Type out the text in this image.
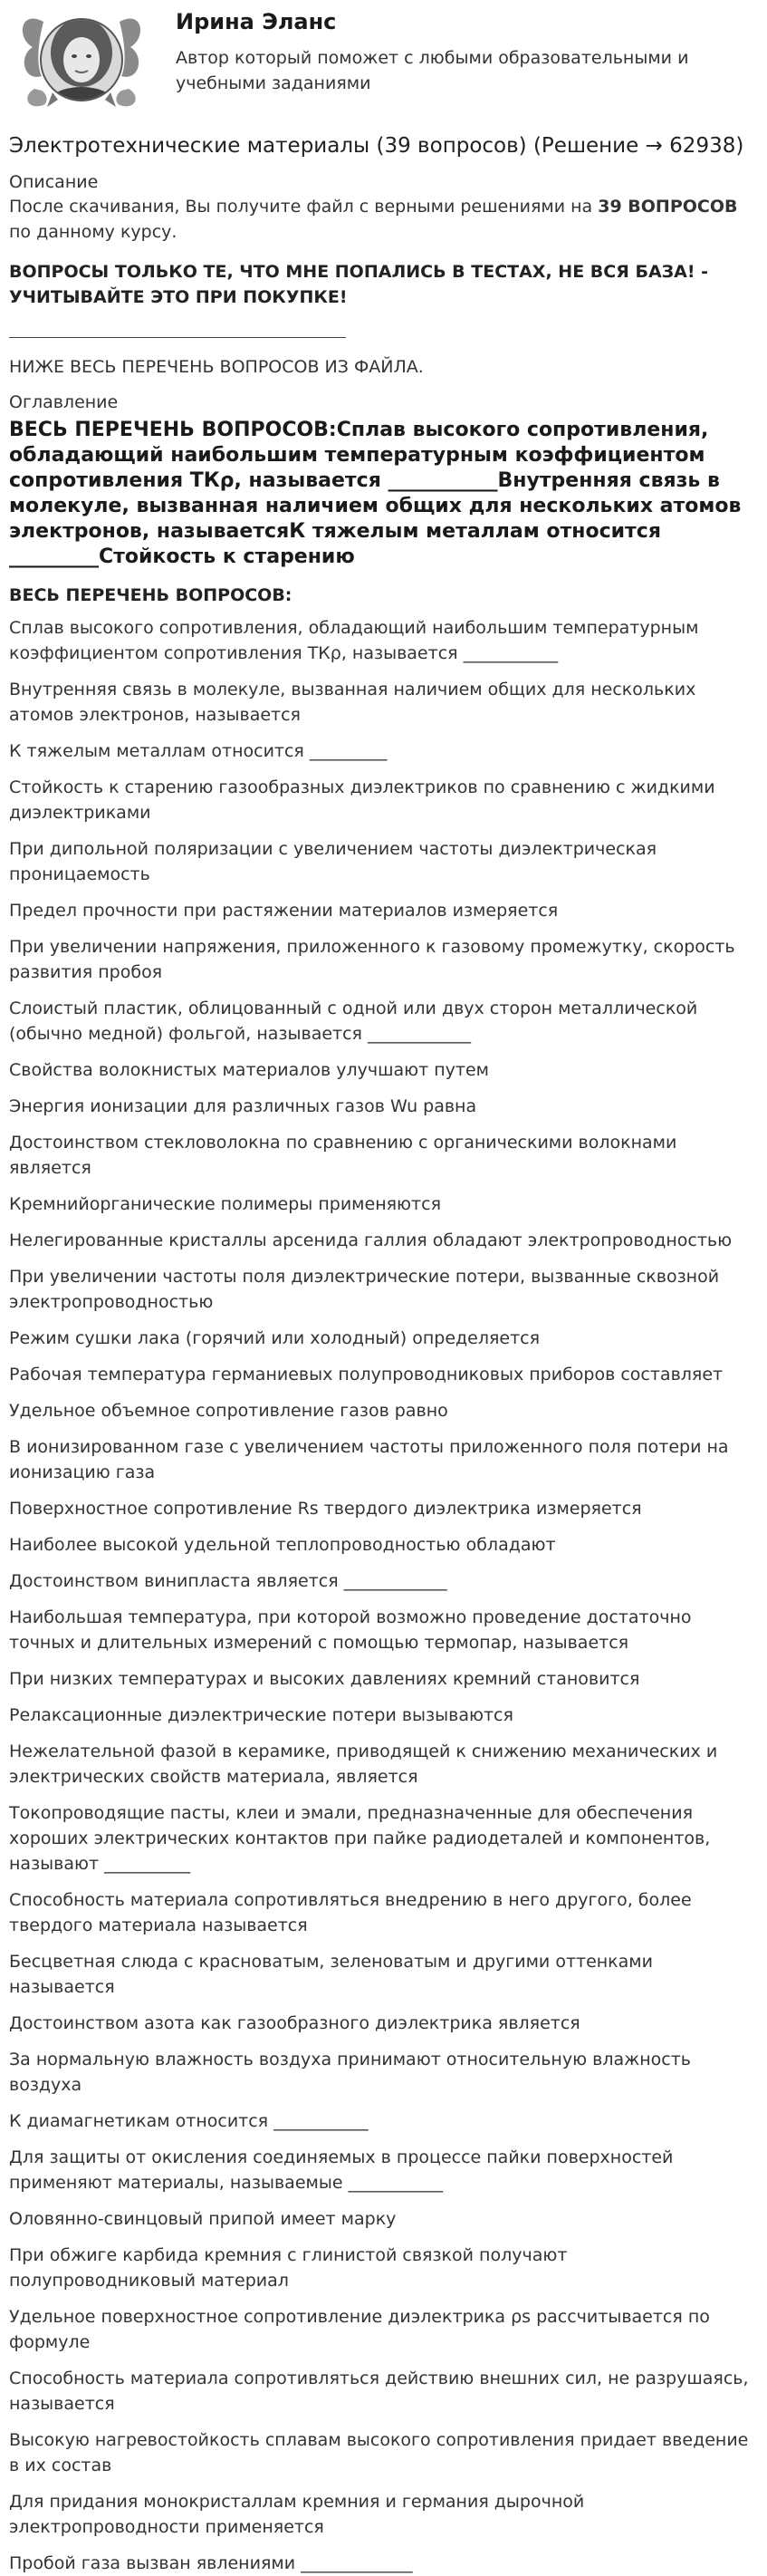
Ирина Эланс
Автор который поможет с любыми образовательными и учебными заданиями
Электротехнические материалы (39 вопросов) (Решение → 62938)
Описание

После скачивания, Вы получите файл с верными решениями на 39 ВОПРОСОВ по данному курсу.

ВОПРОСЫ ТОЛЬКО ТЕ, ЧТО МНЕ ПОПАЛИСЬ В ТЕСТАХ, НЕ ВСЯ БАЗА! - УЧИТЫВАЙТЕ ЭТО ПРИ ПОКУПКЕ!

НИЖЕ ВЕСЬ ПЕРЕЧЕНЬ ВОПРОСОВ ИЗ ФАЙЛА.

Оглавление
ВЕСЬ ПЕРЕЧЕНЬ ВОПРОСОВ:Сплав высокого сопротивления, обладающий наибольшим температурным коэффициентом сопротивления ТКρ, называется ___________Внутренняя связь в молекуле, вызванная наличием общих для нескольких атомов электронов, называетсяК тяжелым металлам относится _________Стойкость к старению
ВЕСЬ ПЕРЕЧЕНЬ ВОПРОСОВ:
Сплав высокого сопротивления, обладающий наибольшим температурным коэффициентом сопротивления ТКρ, называется ___________
Внутренняя связь в молекуле, вызванная наличием общих для нескольких атомов электронов, называется
К тяжелым металлам относится _________
Стойкость к старению газообразных диэлектриков по сравнению с жидкими диэлектриками
При дипольной поляризации с увеличением частоты диэлектрическая проницаемость
Предел прочности при растяжении материалов измеряется
При увеличении напряжения, приложенного к газовому промежутку, скорость развития пробоя
Слоистый пластик, облицованный с одной или двух сторон металлической (обычно медной) фольгой, называется ____________
Свойства волокнистых материалов улучшают путем
Энергия ионизации для различных газов Wu равна
Достоинством стекловолокна по сравнению с органическими волокнами является
Кремнийорганические полимеры применяются
Нелегированные кристаллы арсенида галлия обладают электропроводностью
При увеличении частоты поля диэлектрические потери, вызванные сквозной электропроводностью
Режим сушки лака (горячий или холодный) определяется
Рабочая температура германиевых полупроводниковых приборов составляет
Удельное объемное сопротивление газов равно
В ионизированном газе с увеличением частоты приложенного поля потери на ионизацию газа
Поверхностное сопротивление Rs твердого диэлектрика измеряется
Наиболее высокой удельной теплопроводностью обладают
Достоинством винипласта является ____________
Наибольшая температура, при которой возможно проведение достаточно точных и длительных измерений с помощью термопар, называется
При низких температурах и высоких давлениях кремний становится
Релаксационные диэлектрические потери вызываются
Нежелательной фазой в керамике, приводящей к снижению механических и электрических свойств материала, является
Токопроводящие пасты, клеи и эмали, предназначенные для обеспечения хороших электрических контактов при пайке радиодеталей и компонентов, называют __________
Способность материала сопротивляться внедрению в него другого, более твердого материала называется
Бесцветная слюда с красноватым, зеленоватым и другими оттенками называется
Достоинством азота как газообразного диэлектрика является
За нормальную влажность воздуха принимают относительную влажность воздуха
К диамагнетикам относится ___________
Для защиты от окисления соединяемых в процессе пайки поверхностей применяют материалы, называемые ___________
Оловянно-свинцовый припой имеет марку
При обжиге карбида кремния с глинистой связкой получают полупроводниковый материал
Удельное поверхностное сопротивление диэлектрика ρs рассчитывается по формуле
Способность материала сопротивляться действию внешних сил, не разрушаясь, называется
Высокую нагревостойкость сплавам высокого сопротивления придает введение в их состав
Для придания монокристаллам кремния и германия дырочной электропроводности применяется
Пробой газа вызван явлениями _____________
